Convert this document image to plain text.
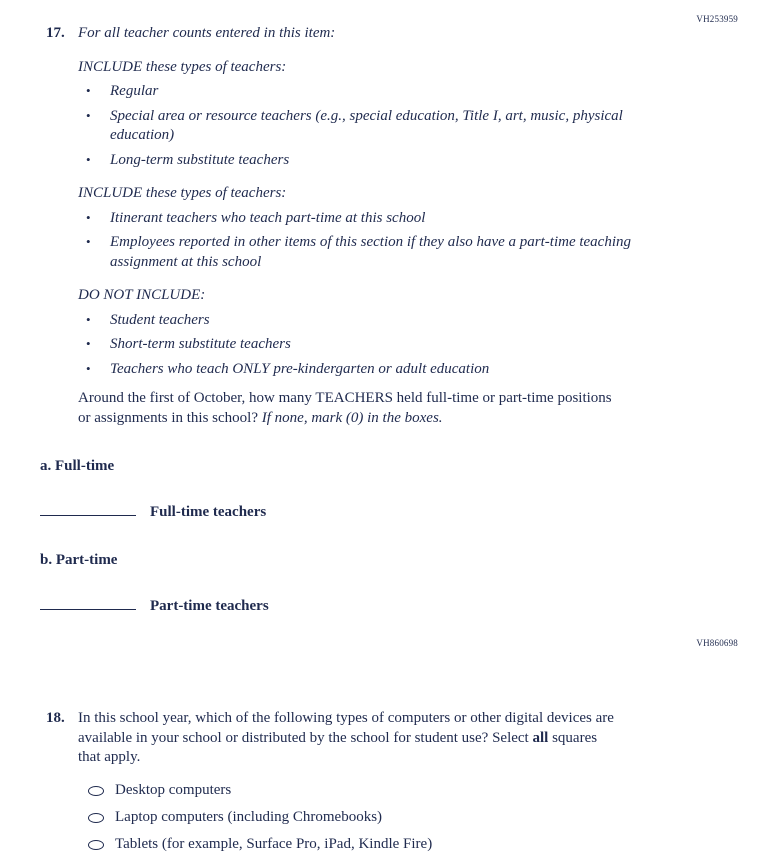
VH253959
17. For all teacher counts entered in this item:

INCLUDE these types of teachers:

•	Regular
•	Special area or resource teachers (e.g., special education, Title I, art, music, physical education)
•	Long-term substitute teachers

INCLUDE these types of teachers:

•	Itinerant teachers who teach part-time at this school
•	Employees reported in other items of this section if they also have a part-time teaching assignment at this school

DO NOT INCLUDE:

•	Student teachers
•	Short-term substitute teachers
•	Teachers who teach ONLY pre-kindergarten or adult education

Around the first of October, how many TEACHERS held full-time or part-time positions or assignments in this school? If none, mark (0) in the boxes.

a. Full-time
Full-time teachers
b. Part-time
Part-time teachers
VH860698
18. In this school year, which of the following types of computers or other digital devices are available in your school or distributed by the school for student use? Select all squares that apply.

Desktop computers
Laptop computers (including Chromebooks)
Tablets (for example, Surface Pro, iPad, Kindle Fire)
